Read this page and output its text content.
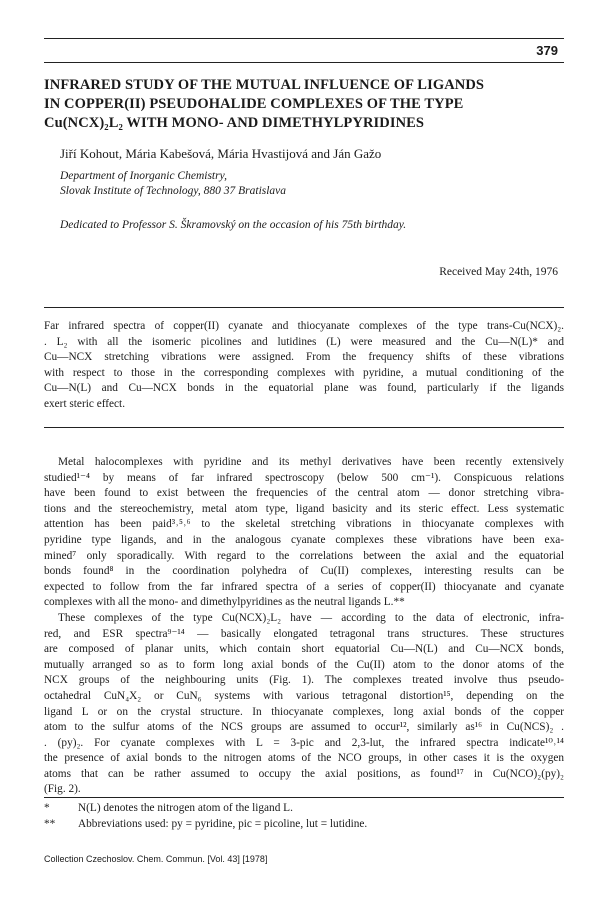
379
INFRARED STUDY OF THE MUTUAL INFLUENCE OF LIGANDS
IN COPPER(II) PSEUDOHALIDE COMPLEXES OF THE TYPE
Cu(NCX)₂L₂ WITH MONO- AND DIMETHYLPYRIDINES
Jiří Kohout, Mária Kabešová, Mária Hvastijová and Ján Gažo
Department of Inorganic Chemistry,
Slovak Institute of Technology, 880 37 Bratislava
Dedicated to Professor S. Škramovský on the occasion of his 75th birthday.
Received May 24th, 1976
Far infrared spectra of copper(II) cyanate and thiocyanate complexes of the type trans-Cu(NCX)₂.
. L₂ with all the isomeric picolines and lutidines (L) were measured and the Cu—N(L)* and
Cu—NCX stretching vibrations were assigned. From the frequency shifts of these vibrations
with respect to those in the corresponding complexes with pyridine, a mutual conditioning of the
Cu—N(L) and Cu—NCX bonds in the equatorial plane was found, particularly if the ligands
exert steric effect.
Metal halocomplexes with pyridine and its methyl derivatives have been recently extensively
studied¹⁻⁴ by means of far infrared spectroscopy (below 500 cm⁻¹). Conspicuous relations
have been found to exist between the frequencies of the central atom — donor stretching vibra-
tions and the stereochemistry, metal atom type, ligand basicity and its steric effect. Less systematic
attention has been paid³˒⁵˒⁶ to the skeletal stretching vibrations in thiocyanate complexes with
pyridine type ligands, and in the analogous cyanate complexes these vibrations have been exa-
mined⁷ only sporadically. With regard to the correlations between the axial and the equatorial
bonds found⁸ in the coordination polyhedra of Cu(II) complexes, interesting results can be
expected to follow from the far infrared spectra of a series of copper(II) thiocyanate and cyanate
complexes with all the mono- and dimethylpyridines as the neutral ligands L.**
These complexes of the type Cu(NCX)₂L₂ have — according to the data of electronic, infra-
red, and ESR spectra⁹⁻¹⁴ — basically elongated tetragonal trans structures. These structures
are composed of planar units, which contain short equatorial Cu—N(L) and Cu—NCX bonds,
mutually arranged so as to form long axial bonds of the Cu(II) atom to the donor atoms of the
NCX groups of the neighbouring units (Fig. 1). The complexes treated involve thus pseudo-
octahedral CuN₄X₂ or CuN₆ systems with various tetragonal distortion¹⁵, depending on the
ligand L or on the crystal structure. In thiocyanate complexes, long axial bonds of the copper
atom to the sulfur atoms of the NCS groups are assumed to occur¹², similarly as¹⁶ in Cu(NCS)₂ .
. (py)₂. For cyanate complexes with L = 3-pic and 2,3-lut, the infrared spectra indicate¹⁰˒¹⁴
the presence of axial bonds to the nitrogen atoms of the NCO groups, in other cases it is the oxygen
atoms that can be rather assumed to occupy the axial positions, as found¹⁷ in Cu(NCO)₂(py)₂
(Fig. 2).
*	N(L) denotes the nitrogen atom of the ligand L.
**	Abbreviations used: py = pyridine, pic = picoline, lut = lutidine.
Collection Czechoslov. Chem. Commun. [Vol. 43] [1978]
